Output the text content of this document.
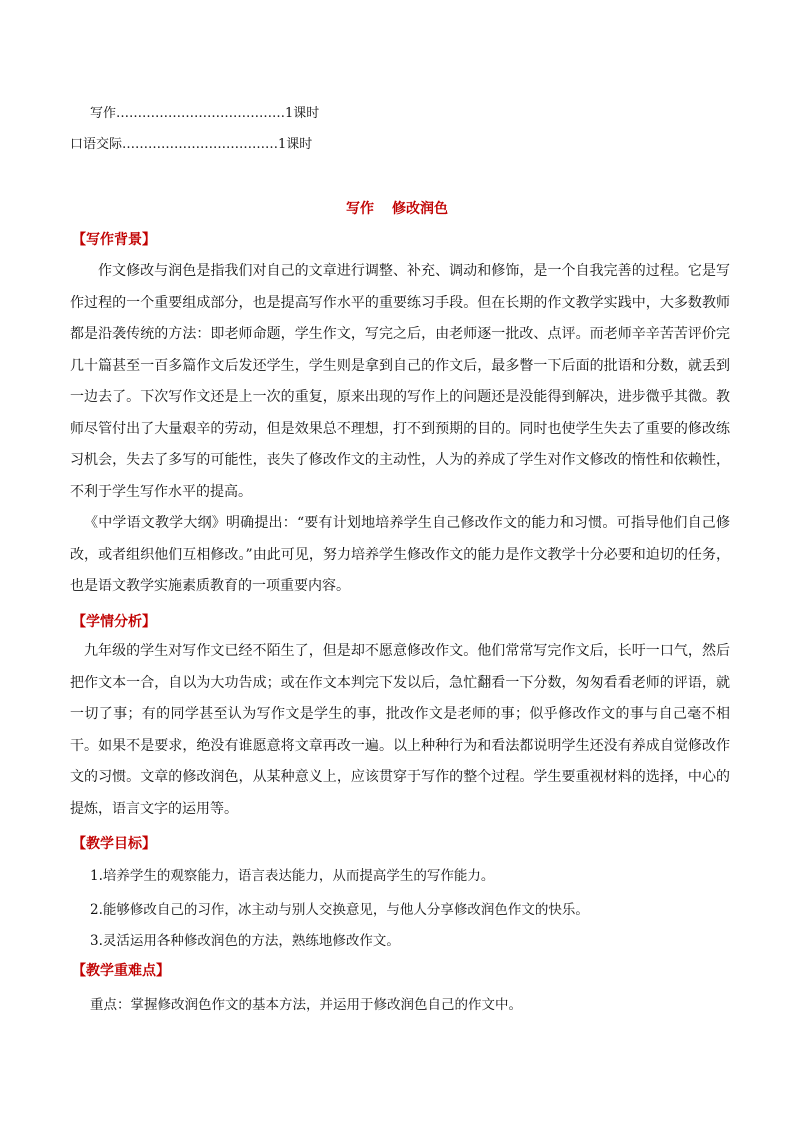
写作…………………………………1课时
口语交际………………………………1课时
写作 修改润色
【写作背景】
作文修改与润色是指我们对自己的文章进行调整、补充、调动和修饰，是一个自我完善的过程。它是写作过程的一个重要组成部分，也是提高写作水平的重要练习手段。但在长期的作文教学实践中，大多数教师都是沿袭传统的方法：即老师命题，学生作文，写完之后，由老师逐一批改、点评。而老师辛辛苦苦评价完几十篇甚至一百多篇作文后发还学生，学生则是拿到自己的作文后，最多瞥一下后面的批语和分数，就丢到一边去了。下次写作文还是上一次的重复，原来出现的写作上的问题还是没能得到解决，进步微乎其微。教师尽管付出了大量艰辛的劳动，但是效果总不理想，打不到预期的目的。同时也使学生失去了重要的修改练习机会，失去了多写的可能性，丧失了修改作文的主动性，人为的养成了学生对作文修改的惰性和依赖性，不利于学生写作水平的提高。
《中学语文教学大纲》明确提出：“要有计划地培养学生自己修改作文的能力和习惯。可指导他们自己修改，或者组织他们互相修改。”由此可见，努力培养学生修改作文的能力是作文教学十分必要和迫切的任务，也是语文教学实施素质教育的一项重要内容。
【学情分析】
九年级的学生对写作文已经不陌生了，但是却不愿意修改作文。他们常常写完作文后，长吁一口气，然后把作文本一合，自以为大功告成；或在作文本判完下发以后，急忙翻看一下分数，匆匆看看老师的评语，就一切了事；有的同学甚至认为写作文是学生的事，批改作文是老师的事；似乎修改作文的事与自己毫不相干。如果不是要求，绝没有谁愿意将文章再改一遍。以上种种行为和看法都说明学生还没有养成自觉修改作文的习惯。文章的修改润色，从某种意义上，应该贯穿于写作的整个过程。学生要重视材料的选择，中心的提炼，语言文字的运用等。
【教学目标】
1.培养学生的观察能力，语言表达能力，从而提高学生的写作能力。
2.能够修改自己的习作，冰主动与别人交换意见，与他人分享修改润色作文的快乐。
3.灵活运用各种修改润色的方法，熟练地修改作文。
【教学重难点】
重点：掌握修改润色作文的基本方法，并运用于修改润色自己的作文中。
